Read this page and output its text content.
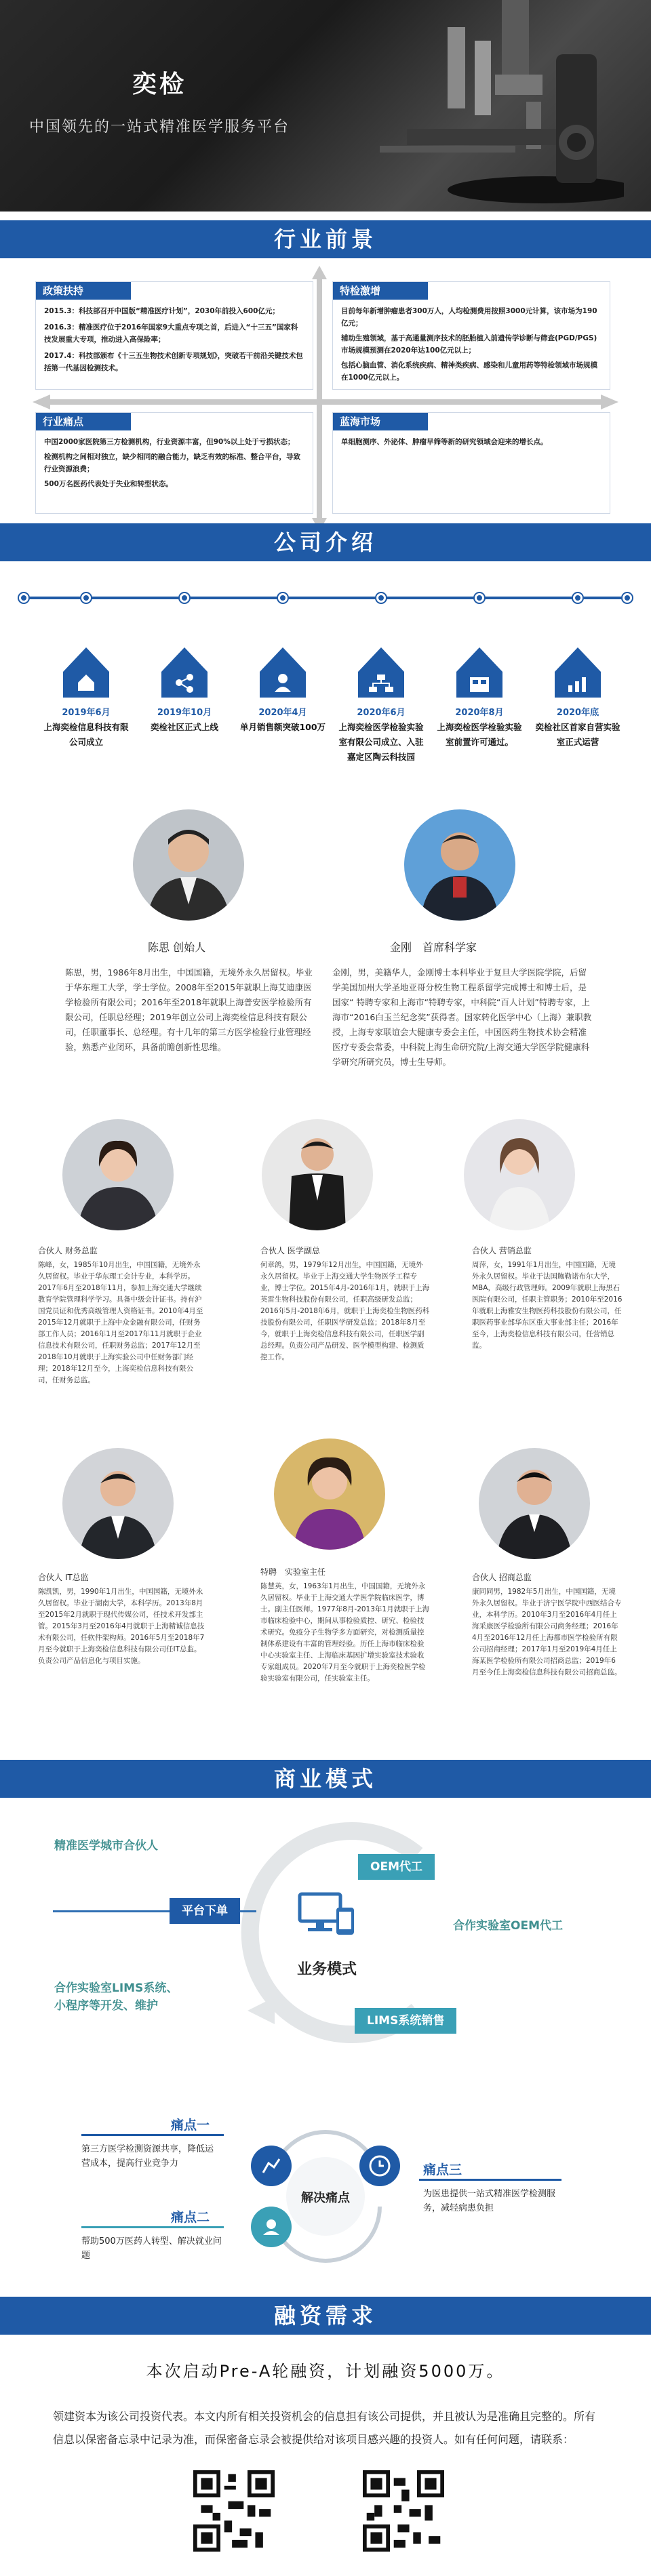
奕检
中国领先的一站式精准医学服务平台
行业前景
政策扶持

2015.3：科技部召开中国版“精准医疗计划”，2030年前投入600亿元；

2016.3：精准医疗位于2016年国家9大重点专项之首，后进入“十三五”国家科技发展重大专项，推动进入高保险率；

2017.4：科技部颁布《十三五生物技术创新专项规划》，突破若干前沿关键技术包括第一代基因检测技术。

特检激增

目前每年新增肿瘤患者300万人，人均检测费用按照3000元计算，该市场为190亿元；

辅助生殖领域，基于高通量测序技术的胚胎植入前遗传学诊断与筛查(PGD/PGS)市场规模预测在2020年达100亿元以上；

包括心脑血管、消化系统疾病、精神类疾病、感染和儿童用药等特检领域市场规模在1000亿元以上。

行业痛点

中国2000家医院第三方检测机构，行业资源丰富，但90%以上处于亏损状态；

检测机构之间相对独立，缺少相同的融合能力，缺乏有效的标准、整合平台，导致行业资源浪费；

500万名医药代表处于失业和转型状态。

蓝海市场

单细胞测序、外泌体、肿瘤早筛等新的研究领域会迎来的增长点。

公司介绍
2019年6月
上海奕检信息科技有限公司成立
2019年10月
奕检社区正式上线
2020年4月
单月销售额突破100万
2020年6月
上海奕检医学检验实验室有限公司成立、入驻嘉定区陶云科技园
2020年8月
上海奕检医学检验实验室前置许可通过。
2020年底
奕检社区首家自营实验室正式运营
陈思 创始人
陈思，男，1986年8月出生，中国国籍，无境外永久居留权。毕业于华东理工大学，学士学位。2008年至2015年就职上海艾迪康医学检验所有限公司；2016年至2018年就职上海普安医学检验所有限公司，任职总经理；2019年创立公司上海奕检信息科技有限公司，任职董事长、总经理。有十几年的第三方医学检验行业管理经验，熟悉产业闭环，具备前瞻创新性思维。
金刚　首席科学家
金刚，男，美籍华人，金刚博士本科毕业于复旦大学医院学院，后留学美国加州大学圣地亚哥分校生物工程系留学完成博士和博士后，是国家“ 特聘专家和上海市“特聘专家，中科院“百人计划”特聘专家，上海市“2016白玉兰纪念奖”获得者。国家转化医学中心（上海）兼职教授，上海专家联谊会大健康专委会主任，中国医药生物技术协会精准医疗专委会常委，中科院上海生命研究院/上海交通大学医学院健康科学研究所研究员，博士生导师。
合伙人 财务总监
陈峰，女，1985年10月出生，中国国籍，无境外永久居留权。毕业于华东理工会计专业，本科学历。2017年6月至2018年11月，参加上海交通大学继续教育学院管理科学学习。具备中级会计证书。持有沪国党员证和优秀高级管理人资格证书。2010年4月至2015年12月就职于上海中众金融有限公司，任财务部工作人员；2016年1月至2017年11月就职于企业信息技术有限公司，任职财务总监；2017年12月至2018年10月就职于上海实验公司中任财务部门经理；2018年12月至今，上海奕检信息科技有限公司，任财务总监。
合伙人 医学副总
何章鸽，男，1979年12月出生，中国国籍，无境外永久居留权。毕业于上海交通大学生物医学工程专业，博士学位。2015年4月-2016年1月，就职于上海英雷生物科技股份有限公司，任职高级研发总监；2016年5月-2018年6月，就职于上海奕检生物医药科技股份有限公司，任职医学研发总监；2018年8月至今，就职于上海奕检信息科技有限公司，任职医学副总经理。负责公司产品研发、医学模型构建、检测质控工作。
合伙人 营销总监
周萍，女，1991年1月出生，中国国籍，无境外永久居留权。毕业于法国鲍勒诺布尔大学，MBA，高级行政管理师。2009年就职上海黑石医院有限公司，任职主管职务；2010年至2016年就职上海雅安生物医药科技股份有限公司，任职医药事业部华东区重大事业部主任；2016年至今，上海奕检信息科技有限公司，任营销总监。
合伙人 IT总监
陈凯凯，男，1990年1月出生，中国国籍，无境外永久居留权。毕业于湖南大学，本科学历。2013年8月至2015年2月就职于现代传媒公司，任技术开发部主管。2015年3月至2016年4月就职于上海精诚信息技术有限公司，任软件架构师。2016年5月至2018年7月至今就职于上海奕检信息科技有限公司任IT总监。负责公司产品信息化与项目实施。
特聘　实验室主任
陈慧英，女，1963年1月出生，中国国籍，无境外永久居留权。毕业于上海交通大学医学院临床医学，博士。副主任医师。1977年8月-2013年1月就职于上海市临床检验中心，期间从事检验质控、研究、检验技术研究。免疫分子生物学多方面研究，对检测质量控制体系建设有丰富的管理经验。历任上海市临床检验中心实验室主任、上海临床基因扩增实验室技术验收专家组成员。2020年7月至今就职于上海奕检医学检验实验室有限公司，任实验室主任。
合伙人 招商总监
康同同男，1982年5月出生，中国国籍，无境外永久居留权。毕业于济宁医学院中西医结合专业，本科学历。2010年3月至2016年4月任上海采康医学检验所有限公司商务经理；2016年4月至2016年12月任上海都市医学检验所有限公司招商经理；2017年1月至2019年4月任上海某医学检验所有限公司招商总监；2019年6月至今任上海奕检信息科技有限公司招商总监。
商业模式
业务模式
精准医学城市合伙人
平台下单
合作实验室LIMS系统、
小程序等开发、维护
OEM代工
合作实验室OEM代工
LIMS系统销售
解决痛点
痛点一
第三方医学检测资源共享，降低运营成本，提高行业竞争力
痛点二
帮助500万医药人转型、解决就业问题
痛点三
为医患提供一站式精准医学检测服务，减轻病患负担
融资需求
本次启动Pre-A轮融资，计划融资5000万。
领建资本为该公司投资代表。本文内所有相关投资机会的信息担有该公司提供，并且被认为是准确且完整的。所有信息以保密备忘录中记录为准，而保密备忘录会被提供给对该项目感兴趣的投资人。如有任何问题，请联系：
